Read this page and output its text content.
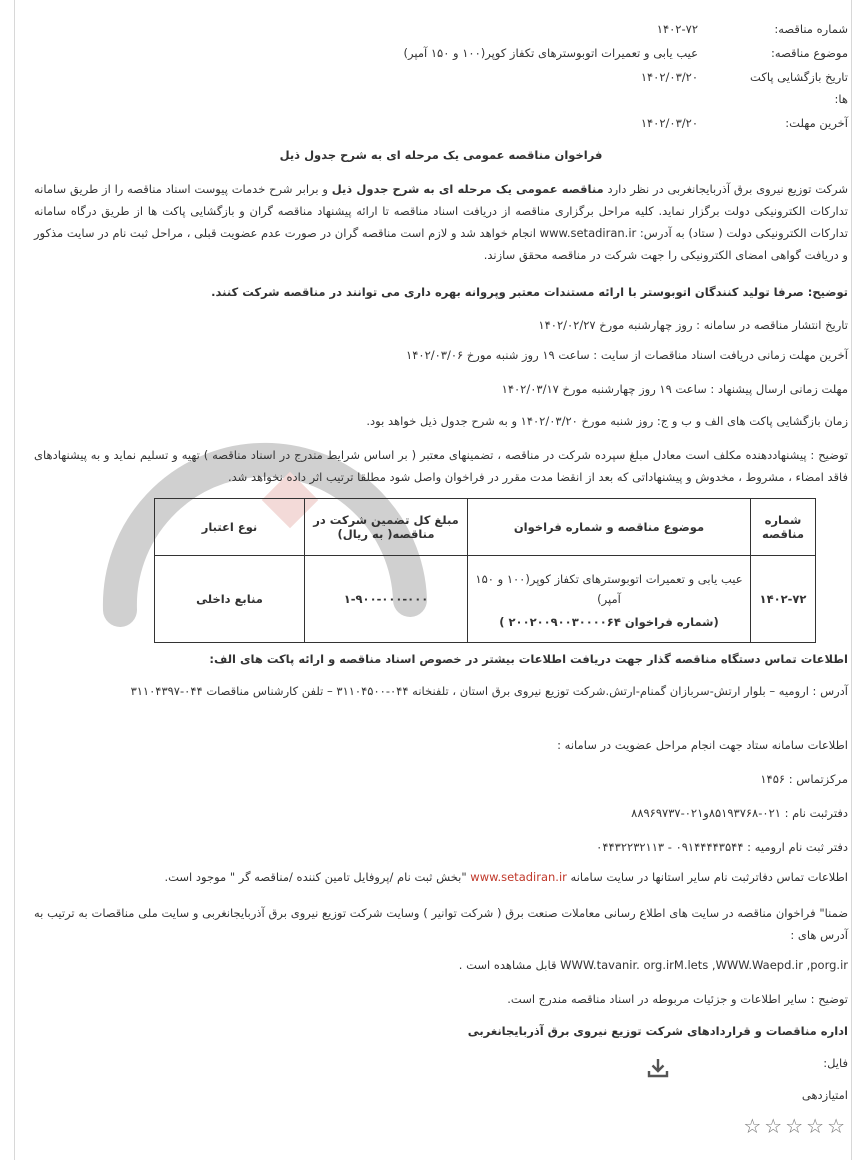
شماره مناقصه:
۱۴۰۲-۷۲
موضوع مناقصه:
عیب یابی و تعمیرات اتوبوسترهای تکفاز کوپر(۱۰۰ و ۱۵۰ آمپر)
تاریخ بازگشایی پاکت
۱۴۰۲/۰۳/۲۰
ها:
آخرین مهلت:
۱۴۰۲/۰۳/۲۰
فراخوان مناقصه عمومی یک مرحله ای به شرح جدول ذیل

شرکت توزیع نیروی برق آذربایجانغربی در نظر دارد مناقصه عمومی یک مرحله ای به شرح جدول ذیل و برابر شرح خدمات پیوست اسناد مناقصه را از طریق سامانه تدارکات الکترونیکی دولت برگزار نماید. کلیه مراحل برگزاری مناقصه از دریافت اسناد مناقصه تا ارائه پیشنهاد مناقصه گران و بازگشایی پاکت ها از طریق درگاه سامانه تدارکات الکترونیکی دولت ( ستاد) به آدرس: www.setadiran.ir انجام خواهد شد و لازم است مناقصه گران در صورت عدم عضویت قبلی ، مراحل ثبت نام در سایت مذکور و دریافت گواهی امضای الکترونیکی را جهت شرکت در مناقصه محقق سازند.

توضیح: صرفا تولید کنندگان اتوبوستر با ارائه مستندات معتبر وپروانه بهره داری می توانند در مناقصه شرکت کنند.

تاریخ انتشار مناقصه در سامانه : روز چهارشنبه مورخ ۱۴۰۲/۰۲/۲۷

آخرین مهلت زمانی دریافت اسناد مناقصات از سایت : ساعت ۱۹ روز شنبه مورخ ۱۴۰۲/۰۳/۰۶

مهلت زمانی ارسال پیشنهاد : ساعت ۱۹ روز چهارشنبه مورخ ۱۴۰۲/۰۳/۱۷

زمان بازگشایی پاکت های الف و ب و ج: روز شنبه مورخ ۱۴۰۲/۰۳/۲۰ و به شرح جدول ذیل خواهد بود.

توضیح : پیشنهاددهنده مکلف است معادل مبلغ سپرده شرکت در مناقصه ، تضمینهای معتبر ( بر اساس شرایط مندرج در اسناد مناقصه ) تهیه و تسلیم نماید و به پیشنهادهای فاقد امضاء ، مشروط ، مخدوش و پیشنهاداتی که بعد از انقضا مدت مقرر در فراخوان واصل شود مطلقا ترتیب اثر داده نخواهد شد.

شماره مناقصه	موضوع مناقصه و شماره فراخوان	مبلغ کل تضمین شرکت در مناقصه( به ریال)	نوع اعتبار
۱۴۰۲-۷۲	عیب یابی و تعمیرات اتوبوسترهای تکفاز کوپر(۱۰۰ و ۱۵۰ آمپر)
(شماره فراخوان ۲۰۰۲۰۰۹۰۰۳۰۰۰۰۶۴ )	۱-۹۰۰-۰۰۰-۰۰۰	منابع داخلی

اطلاعات تماس دستگاه مناقصه گذار جهت دریافت اطلاعات بیشتر در خصوص اسناد مناقصه و ارائه پاکت های الف:

آدرس : ارومیه – بلوار ارتش-سربازان گمنام-ارتش.شرکت توزیع نیروی برق استان ، تلفنخانه ۰۴۴-۳۱۱۰۴۵۰۰ – تلفن کارشناس مناقصات ۰۴۴-۳۱۱۰۴۳۹۷

اطلاعات سامانه ستاد جهت انجام مراحل عضویت در سامانه :

مرکزتماس : ۱۴۵۶

دفترثبت نام : ۰۲۱-۸۵۱۹۳۷۶۸و۰۲۱-۸۸۹۶۹۷۳۷

دفتر ثبت نام ارومیه : ۰۹۱۴۴۴۴۳۵۴۴ - ۰۴۴۳۲۲۳۲۱۱۳

اطلاعات تماس دفاترثبت نام سایر استانها در سایت سامانه www.setadiran.ir "بخش ثبت نام /پروفایل تامین کننده /مناقصه گر " موجود است.

ضمنا" فراخوان مناقصه در سایت های اطلاع رسانی معاملات صنعت برق ( شرکت توانیر ) وسایت شرکت توزیع نیروی برق آذربایجانغربی و سایت ملی مناقصات به ترتیب به آدرس های :

WWW.tavanir. org.irM.lets ,WWW.Waepd.ir ,porg.ir قابل مشاهده است .

توضیح : سایر اطلاعات و جزئیات مربوطه در اسناد مناقصه مندرج است.

اداره مناقصات و قراردادهای شرکت توزیع نیروی برق آذربایجانغربی

فایل:
امتیازدهی
☆☆☆☆☆
